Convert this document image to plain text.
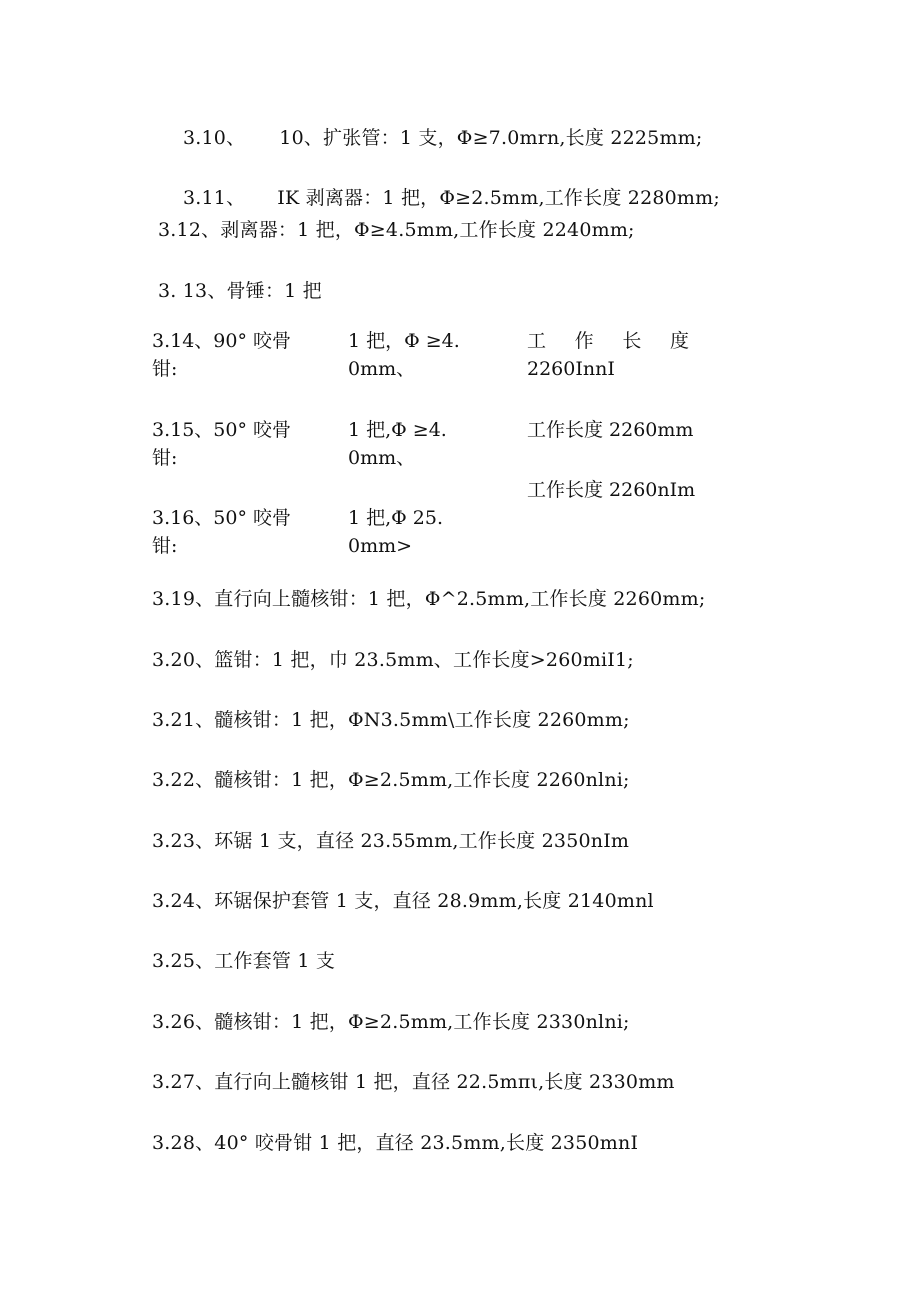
3.10、 10、扩张管：1 支，Φ≥7.0mrn,长度 2225mm;

3.11、 IK 剥离器：1 把，Φ≥2.5mm,工作长度 2280mm;

3.12、剥离器：1 把，Φ≥4.5mm,工作长度 2240mm;
3. 13、骨锤：1 把
3.14、90° 咬骨
钳:
1 把，Φ ≥4.
0mm、
工 作 长 度
2260InnI
3.15、50° 咬骨
钳:
1 把,Φ ≥4.
0mm、
工作长度 2260mm
工作长度 2260nIm
3.16、50° 咬骨
钳:
1 把,Φ 25.
0mm>
3.19、直行向上髓核钳：1 把，Φ^2.5mm,工作长度 2260mm;
3.20、篮钳：1 把，巾 23.5mm、工作长度>260miI1;
3.21、髓核钳：1 把，ΦN3.5mm\工作长度 2260mm;
3.22、髓核钳：1 把，Φ≥2.5mm,工作长度 2260nlni;
3.23、环锯 1 支，直径 23.55mm,工作长度 2350nIm
3.24、环锯保护套管 1 支，直径 28.9mm,长度 2140mnl
3.25、工作套管 1 支
3.26、髓核钳：1 把，Φ≥2.5mm,工作长度 2330nlni;
3.27、直行向上髓核钳 1 把，直径 22.5mπι,长度 2330mm
3.28、40° 咬骨钳 1 把，直径 23.5mm,长度 2350mnI
